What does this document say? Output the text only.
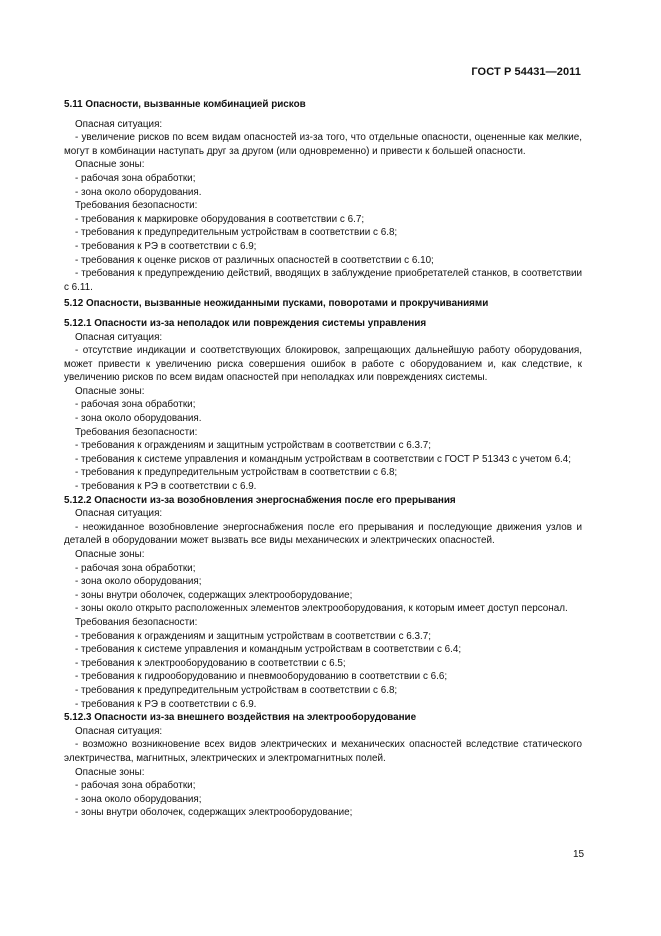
ГОСТ Р 54431—2011
5.11 Опасности, вызванные комбинацией рисков
Опасная ситуация:
- увеличение рисков по всем видам опасностей из-за того, что отдельные опасности, оцененные как мелкие, могут в комбинации наступать друг за другом (или одновременно) и привести к большей опасности.
Опасные зоны:
- рабочая зона обработки;
- зона около оборудования.
Требования безопасности:
- требования к маркировке оборудования в соответствии с 6.7;
- требования к предупредительным устройствам в соответствии с 6.8;
- требования к РЭ в соответствии с 6.9;
- требования к оценке рисков от различных опасностей в соответствии с 6.10;
- требования к предупреждению действий, вводящих в заблуждение приобретателей станков, в соответствии с 6.11.
5.12 Опасности, вызванные неожиданными пусками, поворотами и прокручиваниями
5.12.1 Опасности из-за неполадок или повреждения системы управления
Опасная ситуация:
- отсутствие индикации и соответствующих блокировок, запрещающих дальнейшую работу оборудования, может привести к увеличению риска совершения ошибок в работе с оборудованием и, как следствие, к увеличению рисков по всем видам опасностей при неполадках или повреждениях системы.
Опасные зоны:
- рабочая зона обработки;
- зона около оборудования.
Требования безопасности:
- требования к ограждениям и защитным устройствам в соответствии с 6.3.7;
- требования к системе управления и командным устройствам в соответствии с ГОСТ Р 51343 с учетом 6.4;
- требования к предупредительным устройствам в соответствии с 6.8;
- требования к РЭ в соответствии с 6.9.
5.12.2 Опасности из-за возобновления энергоснабжения после его прерывания
Опасная ситуация:
- неожиданное возобновление энергоснабжения после его прерывания и последующие движения узлов и деталей в оборудовании может вызвать все виды механических и электрических опасностей.
Опасные зоны:
- рабочая зона обработки;
- зона около оборудования;
- зоны внутри оболочек, содержащих электрооборудование;
- зоны около открыто расположенных элементов электрооборудования, к которым имеет доступ персонал.
Требования безопасности:
- требования к ограждениям и защитным устройствам в соответствии с 6.3.7;
- требования к системе управления и командным устройствам в соответствии с 6.4;
- требования к электрооборудованию в соответствии с 6.5;
- требования к гидрооборудованию и пневмооборудованию в соответствии с 6.6;
- требования к предупредительным устройствам в соответствии с 6.8;
- требования к РЭ в соответствии с 6.9.
5.12.3 Опасности из-за внешнего воздействия на электрооборудование
Опасная ситуация:
- возможно возникновение всех видов электрических и механических опасностей вследствие статического электричества, магнитных, электрических и электромагнитных полей.
Опасные зоны:
- рабочая зона обработки;
- зона около оборудования;
- зоны внутри оболочек, содержащих электрооборудование;
15
